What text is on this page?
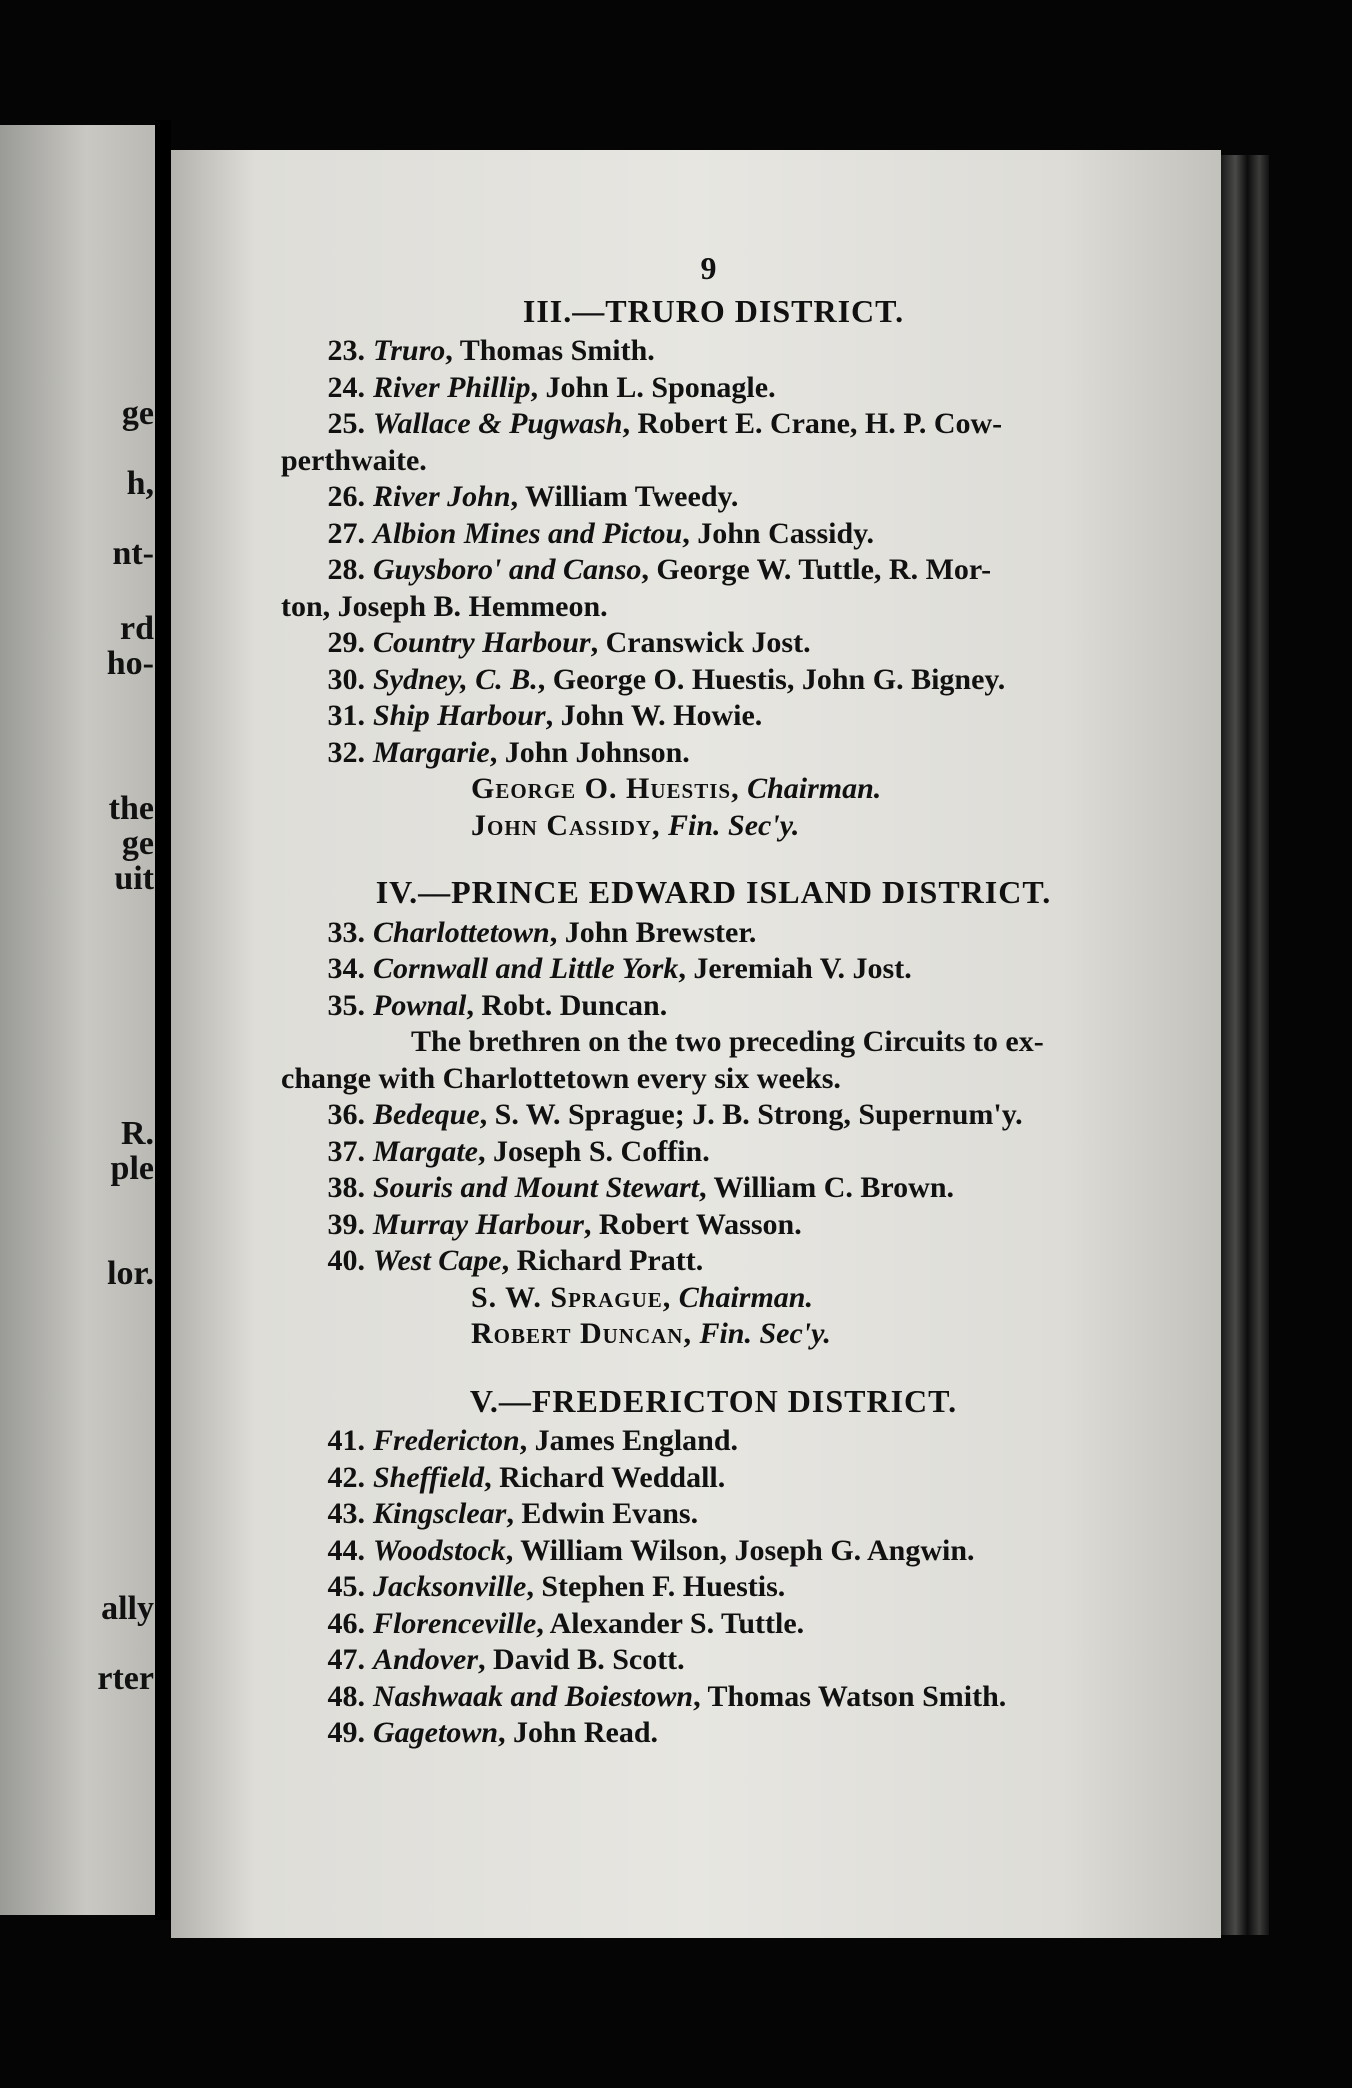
ge
h,
nt-
rd
ho-
the
ge
uit
R.
ple
lor.
ally
rter
9
III.—TRURO DISTRICT.
23. Truro, Thomas Smith.
24. River Phillip, John L. Sponagle.
25. Wallace & Pugwash, Robert E. Crane, H. P. Cow-
perthwaite.
26. River John, William Tweedy.
27. Albion Mines and Pictou, John Cassidy.
28. Guysboro' and Canso, George W. Tuttle, R. Mor-
ton, Joseph B. Hemmeon.
29. Country Harbour, Cranswick Jost.
30. Sydney, C. B., George O. Huestis, John G. Bigney.
31. Ship Harbour, John W. Howie.
32. Margarie, John Johnson.
George O. Huestis, Chairman.
John Cassidy, Fin. Sec'y.
IV.—PRINCE EDWARD ISLAND DISTRICT.
33. Charlottetown, John Brewster.
34. Cornwall and Little York, Jeremiah V. Jost.
35. Pownal, Robt. Duncan.
The brethren on the two preceding Circuits to ex-
change with Charlottetown every six weeks.
36. Bedeque, S. W. Sprague; J. B. Strong, Supernum'y.
37. Margate, Joseph S. Coffin.
38. Souris and Mount Stewart, William C. Brown.
39. Murray Harbour, Robert Wasson.
40. West Cape, Richard Pratt.
S. W. Sprague, Chairman.
Robert Duncan, Fin. Sec'y.
V.—FREDERICTON DISTRICT.
41. Fredericton, James England.
42. Sheffield, Richard Weddall.
43. Kingsclear, Edwin Evans.
44. Woodstock, William Wilson, Joseph G. Angwin.
45. Jacksonville, Stephen F. Huestis.
46. Florenceville, Alexander S. Tuttle.
47. Andover, David B. Scott.
48. Nashwaak and Boiestown, Thomas Watson Smith.
49. Gagetown, John Read.
